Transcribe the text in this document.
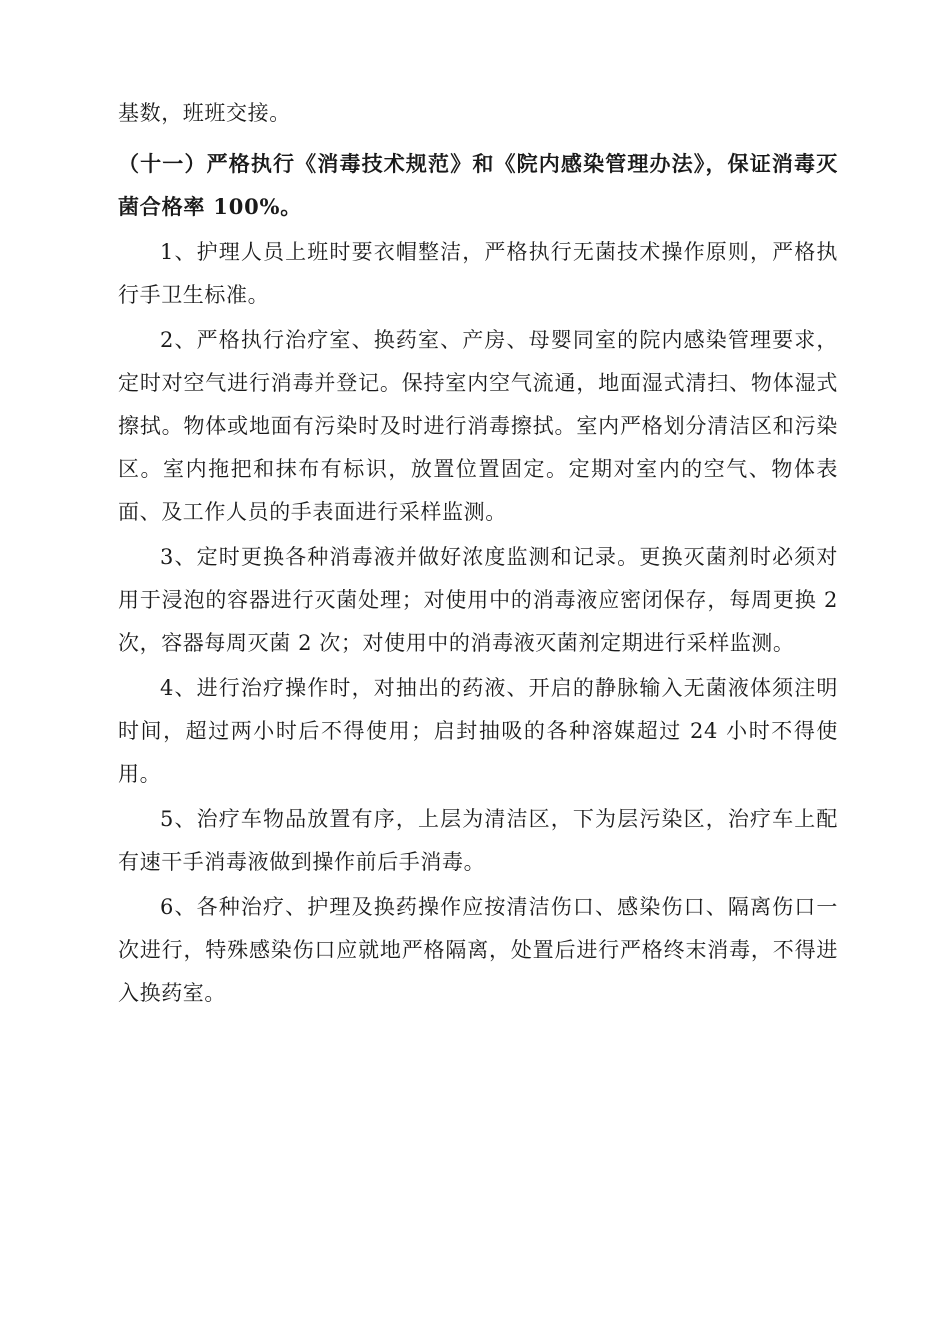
基数，班班交接。

（十一）严格执行《消毒技术规范》和《院内感染管理办法》，保证消毒灭菌合格率 100%。

1、护理人员上班时要衣帽整洁，严格执行无菌技术操作原则，严格执行手卫生标准。

2、严格执行治疗室、换药室、产房、母婴同室的院内感染管理要求，定时对空气进行消毒并登记。保持室内空气流通，地面湿式清扫、物体湿式擦拭。物体或地面有污染时及时进行消毒擦拭。室内严格划分清洁区和污染区。室内拖把和抹布有标识，放置位置固定。定期对室内的空气、物体表面、及工作人员的手表面进行采样监测。

3、定时更换各种消毒液并做好浓度监测和记录。更换灭菌剂时必须对用于浸泡的容器进行灭菌处理；对使用中的消毒液应密闭保存，每周更换 2 次，容器每周灭菌 2 次；对使用中的消毒液灭菌剂定期进行采样监测。

4、进行治疗操作时，对抽出的药液、开启的静脉输入无菌液体须注明时间，超过两小时后不得使用；启封抽吸的各种溶媒超过 24 小时不得使用。

5、治疗车物品放置有序，上层为清洁区，下为层污染区，治疗车上配有速干手消毒液做到操作前后手消毒。

6、各种治疗、护理及换药操作应按清洁伤口、感染伤口、隔离伤口一次进行，特殊感染伤口应就地严格隔离，处置后进行严格终末消毒，不得进入换药室。
